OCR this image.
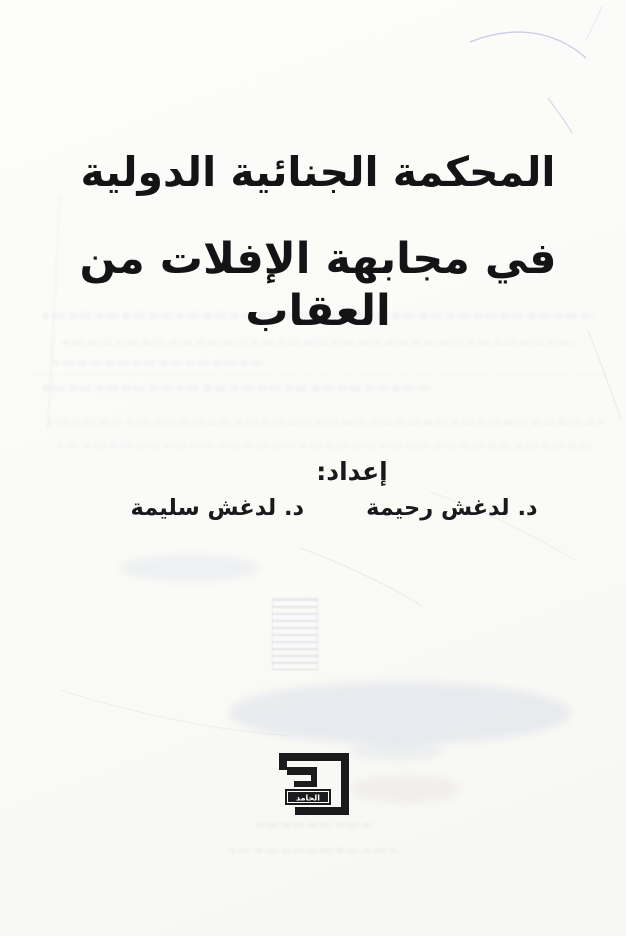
المحكمة الجنائية الدولية
في مجابهة الإفلات من العقاب
إعداد:
د. لدغش رحيمة
د. لدغش سليمة
الحامد
